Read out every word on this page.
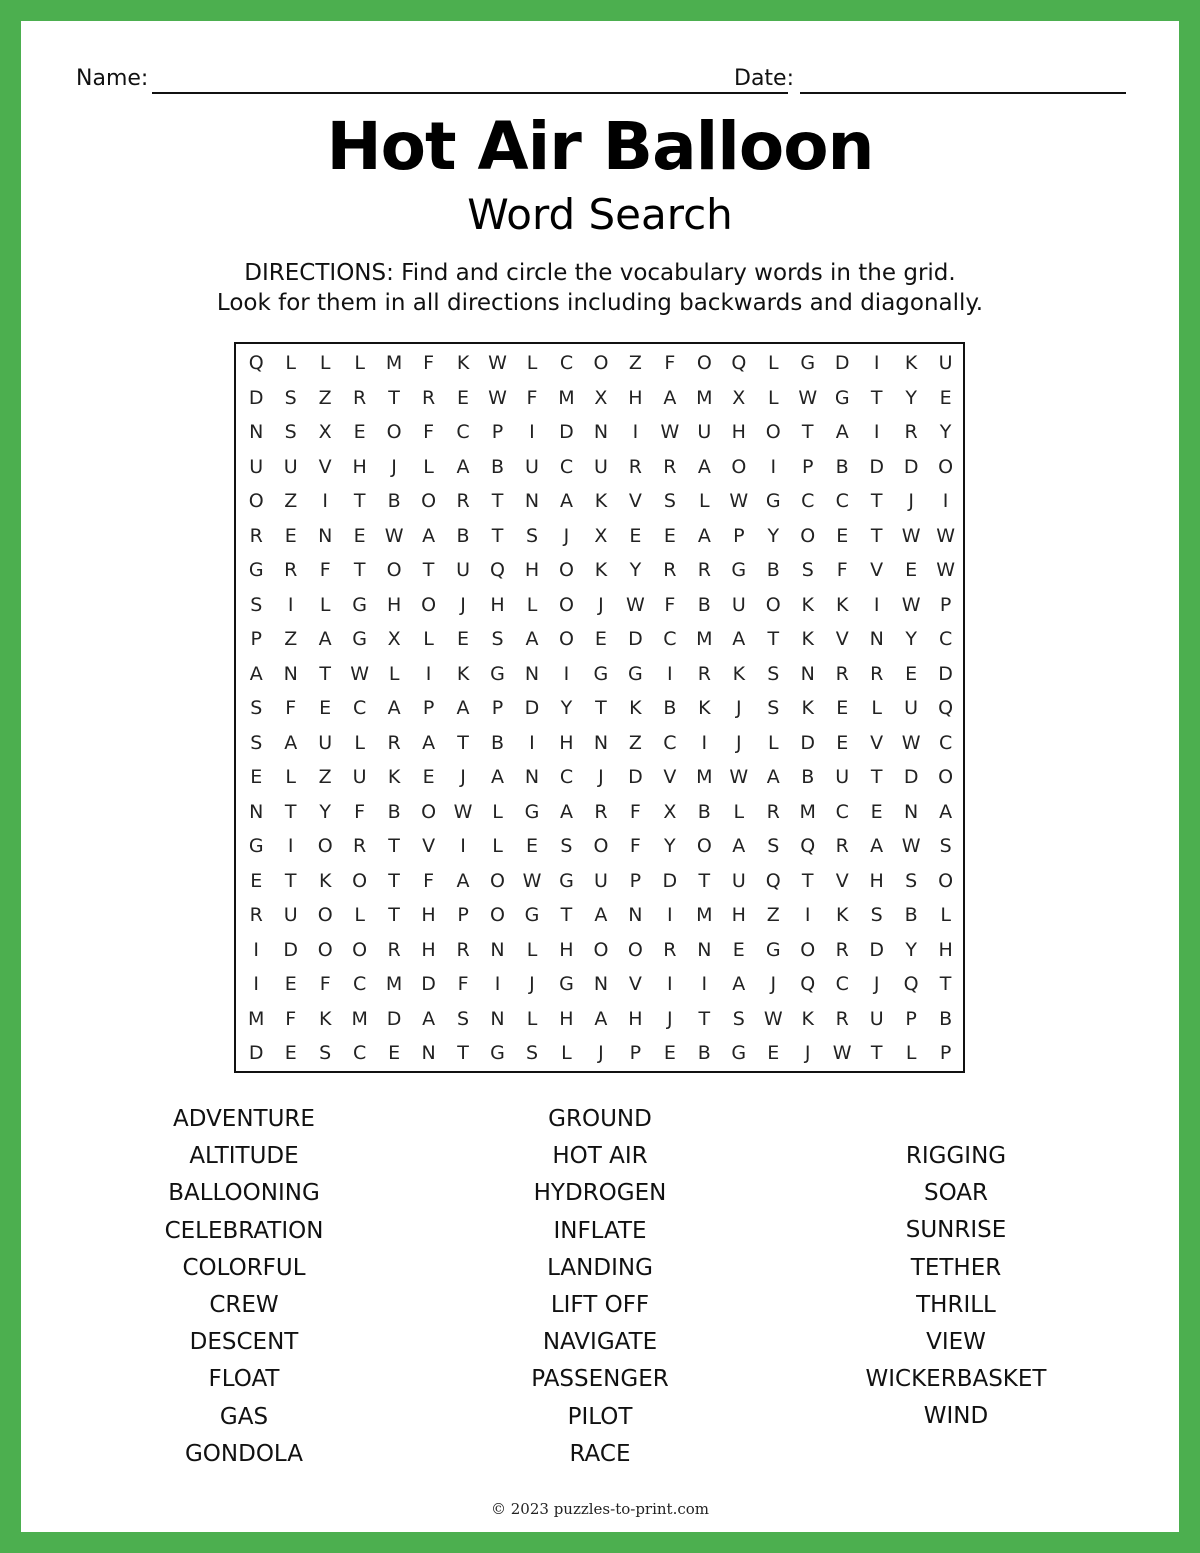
Name:	Date:
Hot Air Balloon
Word Search
DIRECTIONS: Find and circle the vocabulary words in the grid.
Look for them in all directions including backwards and diagonally.
Q	L	L	L	M	F	K W	L	C	O	Z	F	O	Q	L	G	D	I	K	U
D	S	Z	R	T	R	E	W	F	M	X	H	A	M	X	L	W G	T	Y	E
N	S	X	E	O	F	C	P	I	D	N	I	W U	H	O	T	A	I	R	Y
U	U	V	H	J	L	A	B	U	C	U	R	R	A	O	I	P	B	D	D	O
O	Z	I	T	B	O	R	T	N	A	K	V	S	L	W G	C	C	T	J	I
R	E	N	E	W A	B	T	S	J	X	E	E	A	P	Y	O	E	T	W W
G	R	F	T	O	T	U	Q	H	O	K	Y	R	R	G	B	S	F	V	E	W
S	I	L	G	H	O	J	H	L	O	J	W	F	B	U	O	K	K	I	W	P
P	Z	A	G	X	L	E	S	A	O	E	D	C	M	A	T	K	V	N	Y	C
A	N	T	W	L	I	K	G	N	I	G	G	I	R	K	S	N	R	R	E	D
S	F	E	C	A	P	A	P	D	Y	T	K	B	K	J	S	K	E	L	U	Q
S	A	U	L	R	A	T	B	I	H	N	Z	C	I	J	L	D	E	V W C
E	L	Z	U	K	E	J	A	N	C	J	D	V	M W A	B	U	T	D	O
N	T	Y	F	B	O W	L	G	A	R	F	X	B	L	R	M	C	E	N	A
G	I	O	R	T	V	I	L	E	S	O	F	Y	O	A	S	Q	R	A W	S
E	T	K	O	T	F	A	O W G	U	P	D	T	U	Q	T	V	H	S	O
R	U	O	L	T	H	P	O	G	T	A	N	I	M	H	Z	I	K	S	B	L
I	D	O	O	R	H	R	N	L	H	O	O	R	N	E	G	O	R	D	Y	H
I	E	F	C	M D	F	I	J	G	N	V	I	I	A	J	Q	C	J	Q	T
M	F	K	M D	A	S	N	L	H	A	H	J	T	S	W K	R	U	P	B
D	E	S	C	E	N	T	G	S	L	J	P	E	B	G	E	J	W	T	L	P
ADVENTURE
ALTITUDE
BALLOONING
CELEBRATION
COLORFUL
CREW
DESCENT
FLOAT
GAS
GONDOLA
GROUND
HOT AIR
HYDROGEN
INFLATE
LANDING
LIFT OFF
NAVIGATE
PASSENGER
PILOT
RACE
RIGGING
SOAR
SUNRISE
TETHER
THRILL
VIEW
WICKERBASKET
WIND
© 2023 puzzles-to-print.com
